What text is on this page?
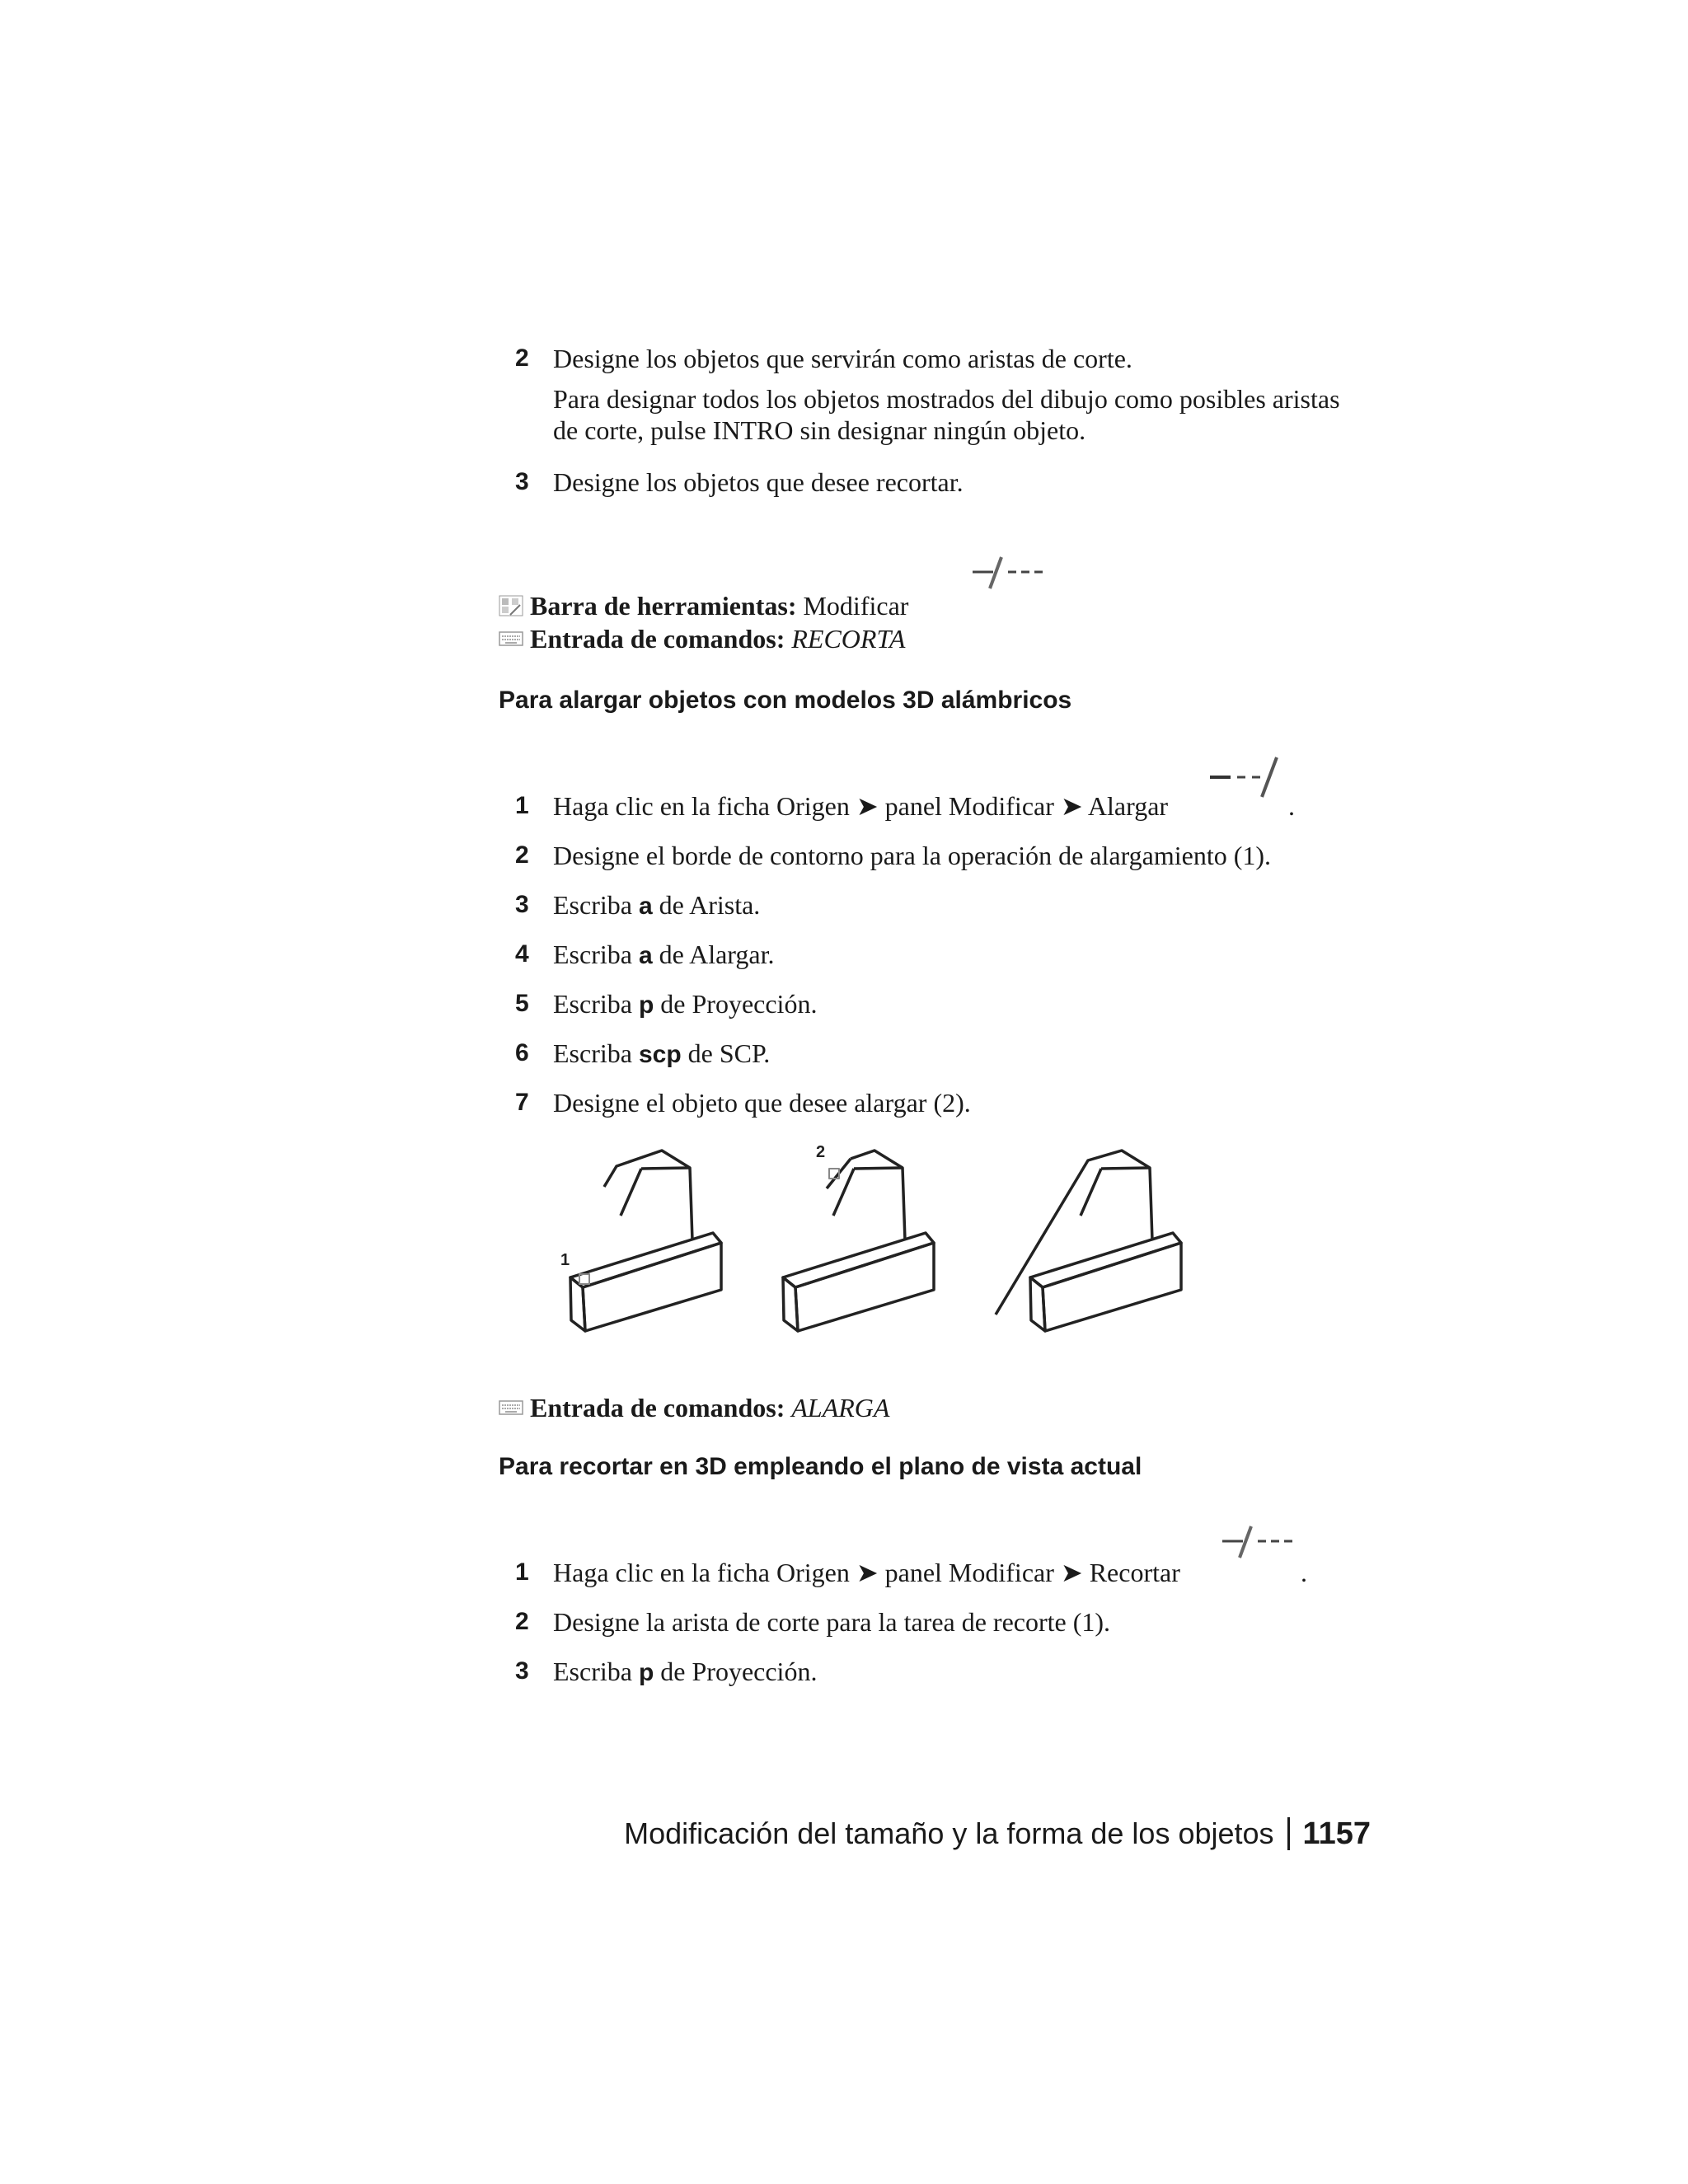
2 Designe los objetos que servirán como aristas de corte.
Para designar todos los objetos mostrados del dibujo como posibles aristas
de corte, pulse INTRO sin designar ningún objeto.
3 Designe los objetos que desee recortar.
Barra de herramientas:
Modificar
Entrada de comandos:
RECORTA
Para alargar objetos con modelos 3D alámbricos
1 Haga clic en la ficha Origen ➤ panel Modificar ➤ Alargar	.
2 Designe el borde de contorno para la operación de alargamiento (1).
3 Escriba a de Arista.
4 Escriba a de Alargar.
5 Escriba p de Proyección.
6 Escriba scp de SCP.
7 Designe el objeto que desee alargar (2).
1
2
Entrada de comandos:
ALARGA
Para recortar en 3D empleando el plano de vista actual
1 Haga clic en la ficha Origen ➤ panel Modificar ➤ Recortar	.
2 Designe la arista de corte para la tarea de recorte (1).
3 Escriba p de Proyección.
Modificación del tamaño y la forma de los objetos 1157
